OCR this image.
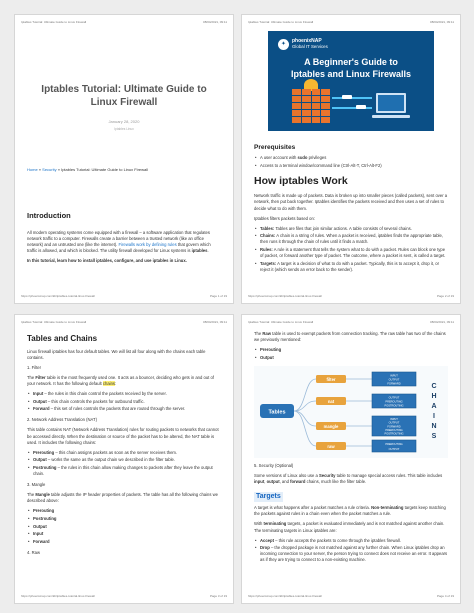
Iptables Tutorial: Ultimate Guide to Linux Firewall	08/04/2021, 09:11
Iptables Tutorial: Ultimate Guide to Linux Firewall
January 28, 2020
Iptables Linux
Home » Security » Iptables Tutorial: Ultimate Guide to Linux Firewall
Introduction

All modern operating systems come equipped with a firewall – a software application that regulates network traffic to a computer. Firewalls create a barrier between a trusted network (like an office network) and an untrusted one (like the internet). Firewalls work by defining rules that govern which traffic is allowed, and which is blocked. The utility firewall developed for Linux systems is iptables.

In this tutorial, learn how to install iptables, configure, and use iptables in Linux.

https://phoenixnap.com/kb/iptables-tutorial-linux-firewall	Page 1 of 19
Iptables Tutorial: Ultimate Guide to Linux Firewall	08/04/2021, 09:11
✦	phoenixNAP
Global IT Services
A Beginner's Guide to
Iptables and Linux Firewalls
Prerequisites
• A user account with sudo privileges
• Access to a terminal window/command line (Ctrl-Alt-T, Ctrl-Alt-F2)
How iptables Work

Network traffic is made up of packets. Data is broken up into smaller pieces (called packets), sent over a network, then put back together. Iptables identifies the packets received and then uses a set of rules to decide what to do with them.

Iptables filters packets based on:

• Tables: Tables are files that join similar actions. A table consists of several chains.
• Chains: A chain is a string of rules. When a packet is received, iptables finds the appropriate table, then runs it through the chain of rules until it finds a match.
• Rules: A rule is a statement that tells the system what to do with a packet. Rules can block one type of packet, or forward another type of packet. The outcome, where a packet is sent, is called a target.
• Targets: A target is a decision of what to do with a packet. Typically, this is to accept it, drop it, or reject it (which sends an error back to the sender).
https://phoenixnap.com/kb/iptables-tutorial-linux-firewall	Page 2 of 19
Iptables Tutorial: Ultimate Guide to Linux Firewall	08/04/2021, 09:11
Tables and Chains

Linux firewall iptables has four default tables. We will list all four along with the chains each table contains.

1. Filter

The Filter table is the most frequently used one. It acts as a bouncer, deciding who gets in and out of your network. It has the following default chains:

• Input – the rules in this chain control the packets received by the server.
• Output – this chain controls the packets for outbound traffic.
• Forward – this set of rules controls the packets that are routed through the server.

2. Network Address Translation (NAT)

This table contains NAT (Network Address Translation) rules for routing packets to networks that cannot be accessed directly. When the destination or source of the packet has to be altered, the NAT table is used. It includes the following chains:

• Prerouting – this chain assigns packets as soon as the server receives them.
• Output – works the same as the output chain we described in the filter table.
• Postrouting – the rules in this chain allow making changes to packets after they leave the output chain.

3. Mangle

The Mangle table adjusts the IP header properties of packets. The table has all the following chains we described above:

• Prerouting
• Postrouting
• Output
• Input
• Forward

4. Raw

https://phoenixnap.com/kb/iptables-tutorial-linux-firewall	Page 3 of 19
Iptables Tutorial: Ultimate Guide to Linux Firewall	08/04/2021, 09:11

The Raw table is used to exempt packets from connection tracking. The raw table has two of the chains we previously mentioned:

• Prerouting
• Output
Tables
filter
INPUT
OUTPUT
FORWARD
nat
OUTPUT
PREROUTING
POSTROUTING
mangle
INPUT
OUTPUT
FORWARD
PREROUTING
POSTROUTING
raw	PREROUTING
OUTPUT
C
H
A
I
N
S

5. Security (Optional)

Some versions of Linux also use a Security table to manage special access rules. This table includes input, output, and forward chains, much like the filter table.

Targets

A target is what happens after a packet matches a rule criteria. Non-terminating targets keep matching the packets against rules in a chain even when the packet matches a rule.

With terminating targets, a packet is evaluated immediately and is not matched against another chain. The terminating targets in Linux iptables are:

• Accept – this rule accepts the packets to come through the iptables firewall.
• Drop – the dropped package is not matched against any further chain. When Linux iptables drop an incoming connection to your server, the person trying to connect does not receive an error. It appears as if they are trying to connect to a non-existing machine.
https://phoenixnap.com/kb/iptables-tutorial-linux-firewall	Page 4 of 19
